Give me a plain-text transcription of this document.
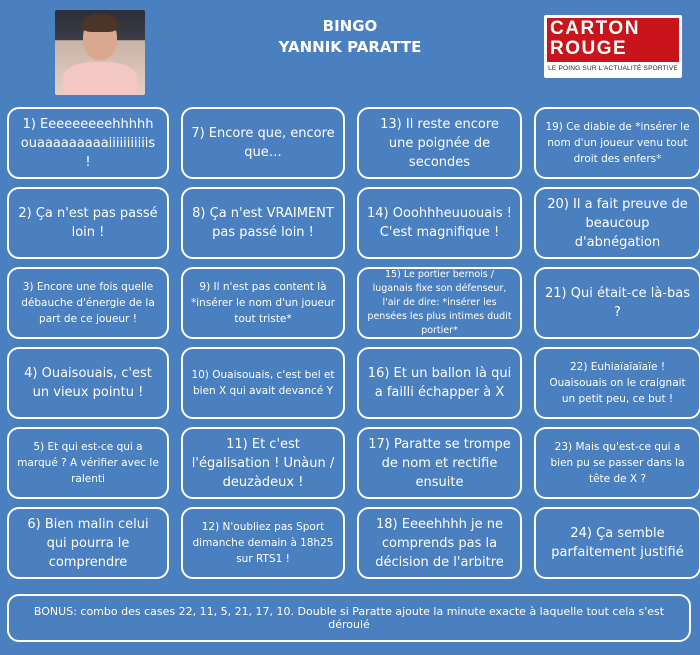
BINGO
YANNIK PARATTE
CARTON
ROUGE
LE POING SUR L'ACTUALITÉ SPORTIVE
1) Eeeeeeeeehhhhh ouaaaaaaaaaiiiiiiiiiiis !
7) Encore que, encore que…
13) Il reste encore une poignée de secondes
19) Ce diable de *insérer le nom d'un joueur venu tout droit des enfers*
2) Ça n'est pas passé loin !
8) Ça n'est VRAIMENT pas passé loin !
14) Ooohhheuuouais ! C'est magnifique !
20) Il a fait preuve de beaucoup d'abnégation
3) Encore une fois quelle débauche d'énergie de la part de ce joueur !
9) Il n'est pas content là *insérer le nom d'un joueur tout triste*
15) Le portier bernois / luganais fixe son défenseur, l'air de dire: *insérer les pensées les plus intimes dudit portier*
21) Qui était-ce là-bas ?
4) Ouaisouais, c'est un vieux pointu !
10) Ouaisouais, c'est bel et bien X qui avait devancé Y
16) Et un ballon là qui a failli échapper à X
22) Euhiaïaïaïaïe ! Ouaisouais on le craignait un petit peu, ce but !
5) Et qui est-ce qui a marqué ? A vérifier avec le ralenti
11) Et c'est l'égalisation ! Unàun / deuzàdeux !
17) Paratte se trompe de nom et rectifie ensuite
23) Mais qu'est-ce qui a bien pu se passer dans la tête de X ?
6) Bien malin celui qui pourra le comprendre
12) N'oubliez pas Sport dimanche demain à 18h25 sur RTS1 !
18) Eeeehhhh je ne comprends pas la décision de l'arbitre
24) Ça semble parfaitement justifié
BONUS: combo des cases 22, 11, 5, 21, 17, 10. Double si Paratte ajoute la minute exacte à laquelle tout cela s'est déroulé
